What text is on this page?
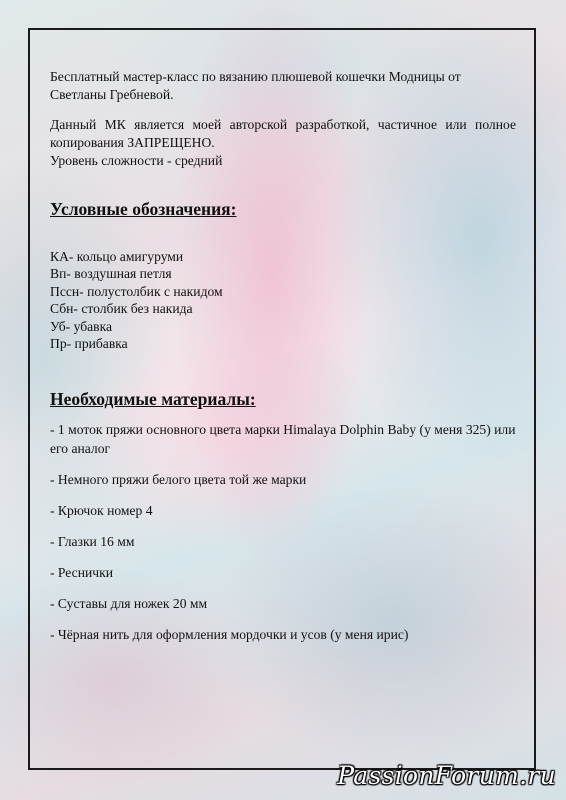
Бесплатный мастер-класс по вязанию плюшевой кошечки Модницы от Светланы Гребневой.

Данный МК является моей авторской разработкой, частичное или полное копирования ЗАПРЕЩЕНО.

Уровень сложности - средний

Условные обозначения:

КА- кольцо амигуруми

Вп- воздушная петля

Пссн- полустолбик с накидом

Сбн- столбик без накида

Уб- убавка

Пр- прибавка

Необходимые материалы:

- 1 моток пряжи основного цвета марки Himalaya Dolphin Baby (у меня 325) или его аналог

- Немного пряжи белого цвета той же марки

- Крючок номер 4

- Глазки 16 мм

- Реснички

- Суставы для ножек 20 мм

- Чёрная нить для оформления мордочки и усов (у меня ирис)

PassionForum.ru
